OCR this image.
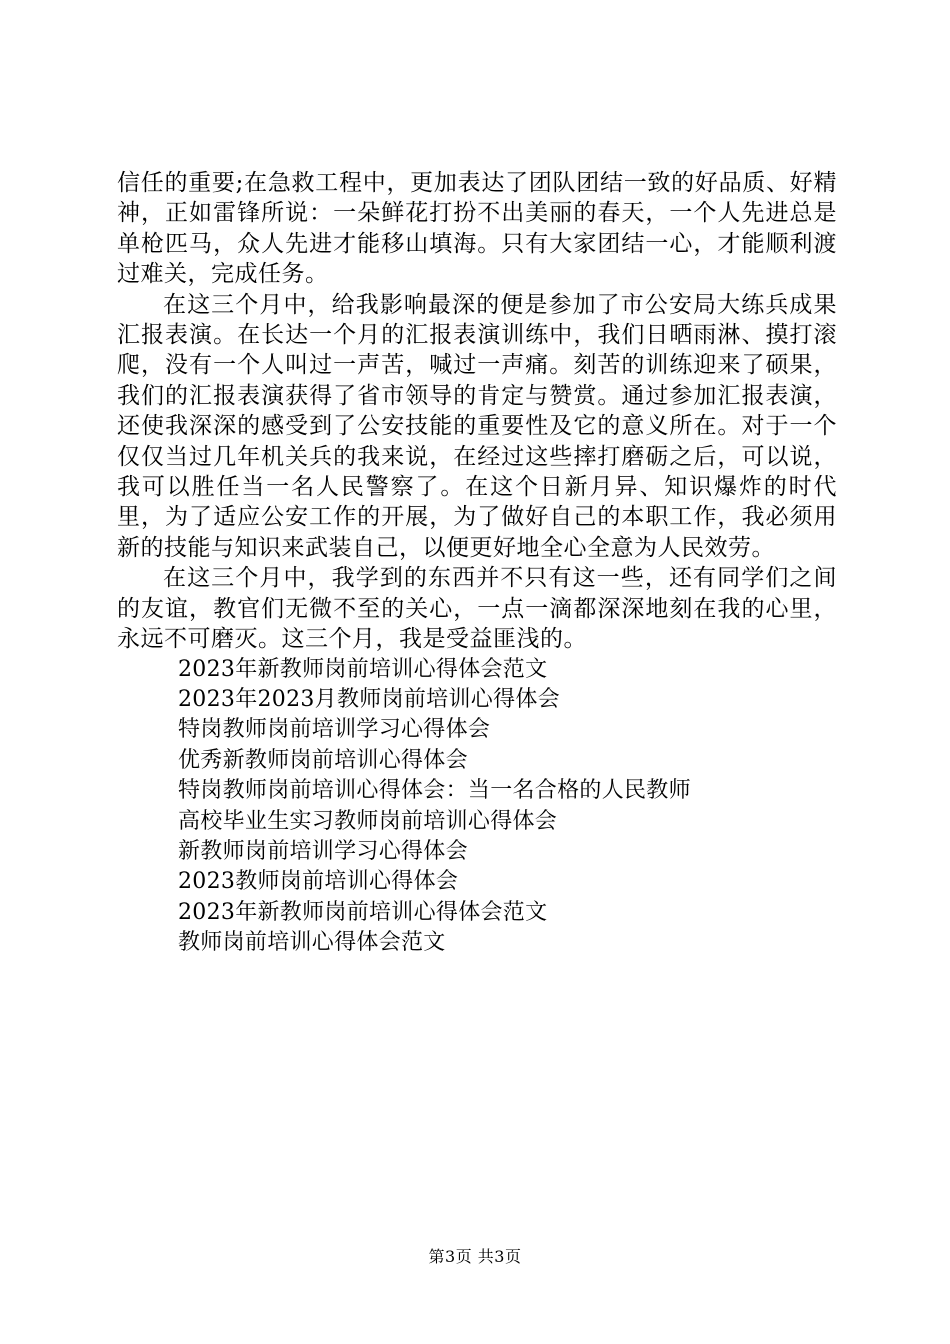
信任的重要;在急救工程中，更加表达了团队团结一致的好品质、好精神，正如雷锋所说：一朵鲜花打扮不出美丽的春天，一个人先进总是单枪匹马，众人先进才能移山填海。只有大家团结一心，才能顺利渡过难关，完成任务。

在这三个月中，给我影响最深的便是参加了市公安局大练兵成果汇报表演。在长达一个月的汇报表演训练中，我们日晒雨淋、摸打滚爬，没有一个人叫过一声苦，喊过一声痛。刻苦的训练迎来了硕果，我们的汇报表演获得了省市领导的肯定与赞赏。通过参加汇报表演，还使我深深的感受到了公安技能的重要性及它的意义所在。对于一个仅仅当过几年机关兵的我来说，在经过这些摔打磨砺之后，可以说，我可以胜任当一名人民警察了。在这个日新月异、知识爆炸的时代里，为了适应公安工作的开展，为了做好自己的本职工作，我必须用新的技能与知识来武装自己，以便更好地全心全意为人民效劳。

在这三个月中，我学到的东西并不只有这一些，还有同学们之间的友谊，教官们无微不至的关心，一点一滴都深深地刻在我的心里，永远不可磨灭。这三个月，我是受益匪浅的。

2023年新教师岗前培训心得体会范文
2023年2023月教师岗前培训心得体会
特岗教师岗前培训学习心得体会
优秀新教师岗前培训心得体会
特岗教师岗前培训心得体会：当一名合格的人民教师
高校毕业生实习教师岗前培训心得体会
新教师岗前培训学习心得体会
2023教师岗前培训心得体会
2023年新教师岗前培训心得体会范文
教师岗前培训心得体会范文
第3页 共3页
